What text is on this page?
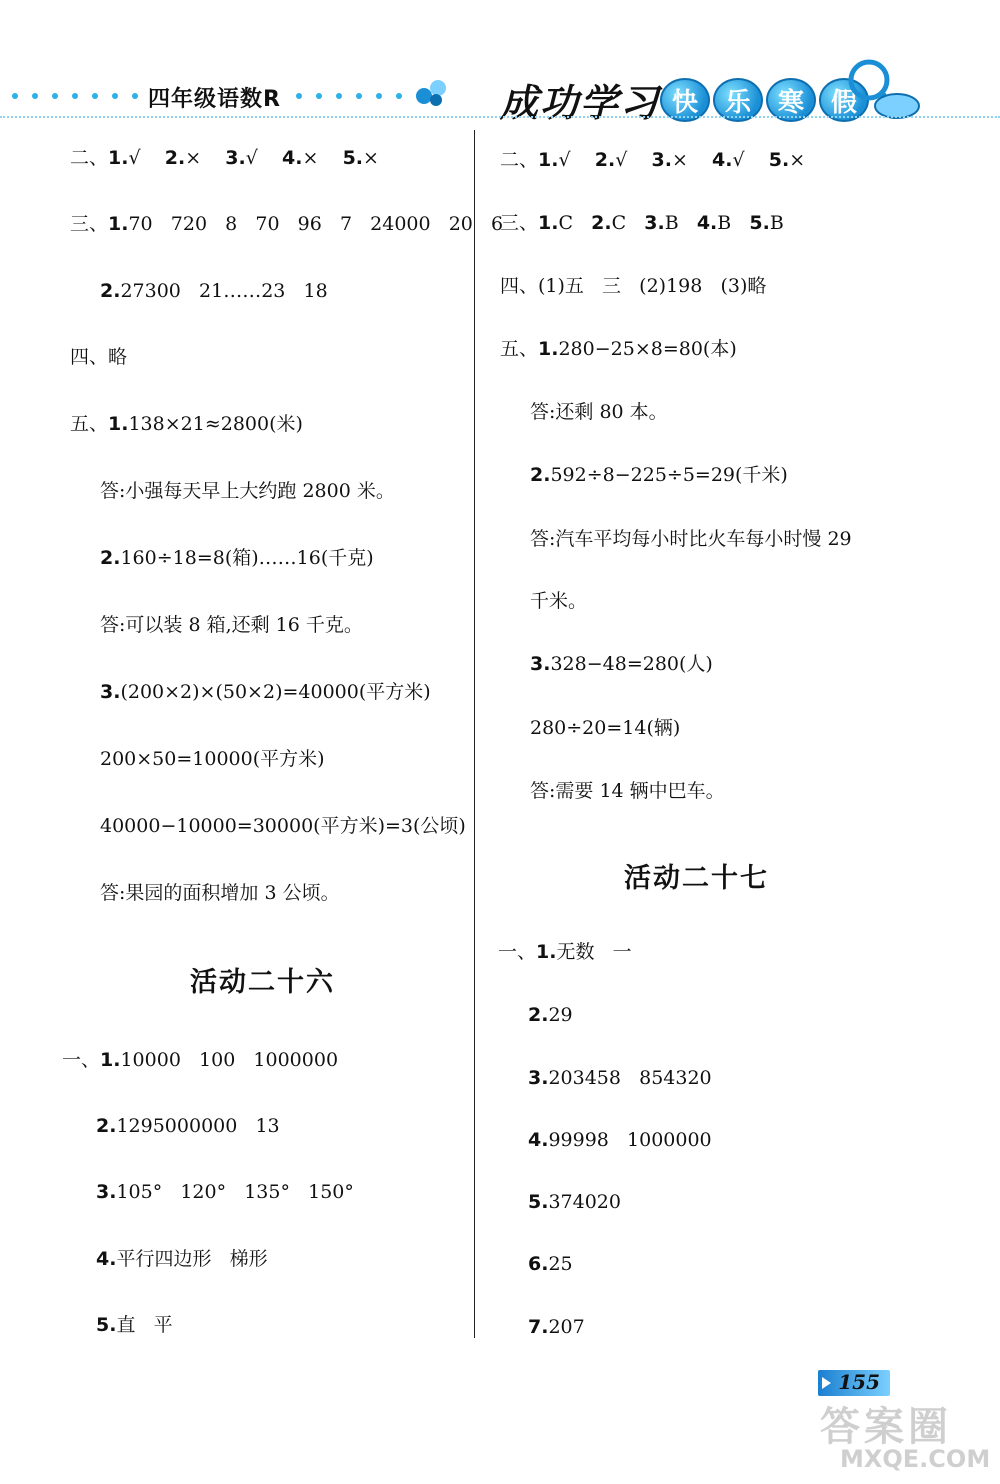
四年级语数R	成功学习 快	乐	寒	假
二、1.√ 2.× 3.√ 4.× 5.×
三、1.70   720   8   70   96   7   24000   20   6
2.27300   21……23   18
四、略
五、1.138×21≈2800(米)
答:小强每天早上大约跑 2800 米。
2.160÷18=8(箱)……16(千克)
答:可以装 8 箱,还剩 16 千克。
3.(200×2)×(50×2)=40000(平方米)
200×50=10000(平方米)
40000−10000=30000(平方米)=3(公顷)
答:果园的面积增加 3 公顷。
活动二十六
一、1.10000   100   1000000
2.1295000000   13
3.105°   120°   135°   150°
4.平行四边形   梯形
5.直   平
二、1.√ 2.√ 3.× 4.√ 5.×
三、1.C 2.C 3.B 4.B 5.B
四、(1)五   三   (2)198   (3)略
五、1.280−25×8=80(本)
答:还剩 80 本。
2.592÷8−225÷5=29(千米)
答:汽车平均每小时比火车每小时慢 29
千米。
3.328−48=280(人)
280÷20=14(辆)
答:需要 14 辆中巴车。
活动二十七
一、1.无数   一
2.29
3.203458   854320
4.99998   1000000
5.374020
6.25
7.207
155
答案圈
MXQE.COM
